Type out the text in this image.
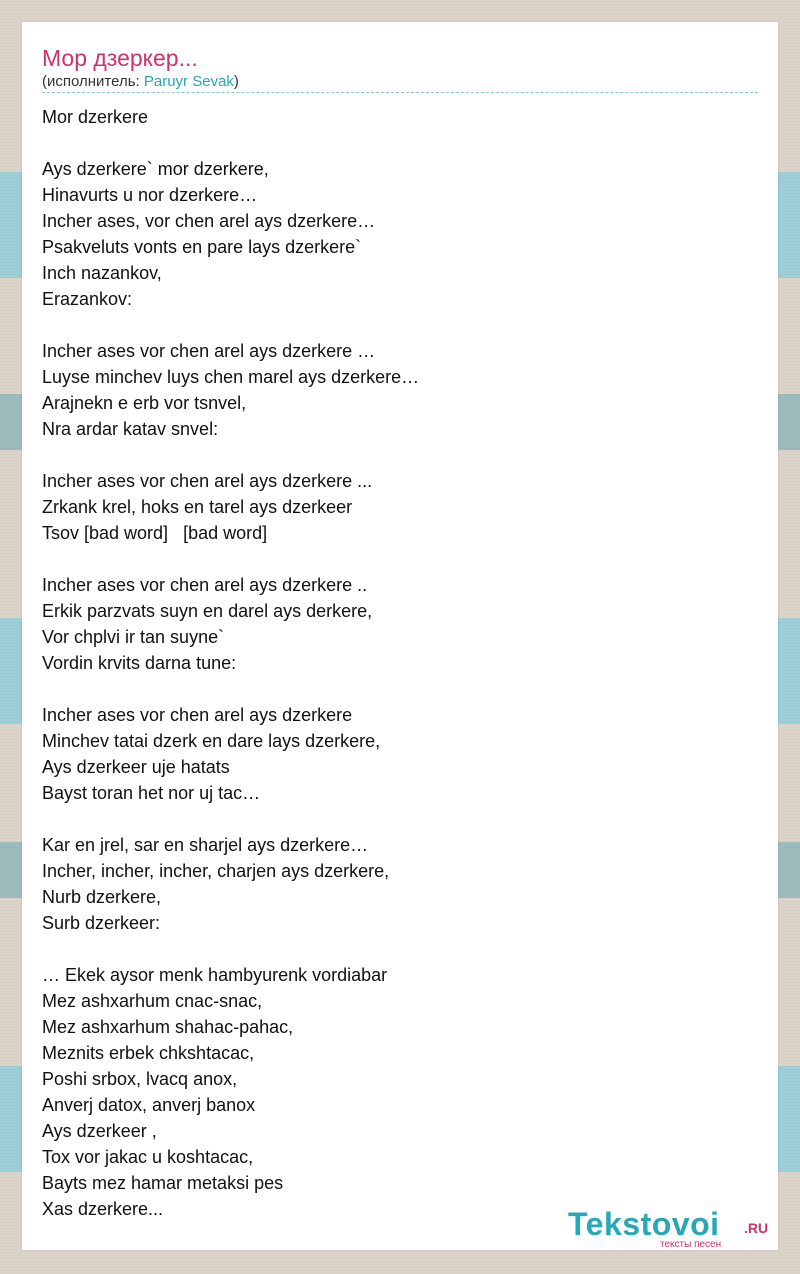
Мор дзеркер...
(исполнитель: Paruyr Sevak)
Mor dzerkere
Ays dzerkere` mor dzerkere,
Hinavurts u nor dzerkere…
Incher ases, vor chen arel ays dzerkere…
Psakveluts vonts en pare lays dzerkere`
Inch nazankov,
Erazankov:
Incher ases vor chen arel ays dzerkere …
Luyse minchev luys chen marel ays dzerkere…
Arajnekn e erb vor tsnvel,
Nra ardar katav snvel:
Incher ases vor chen arel ays dzerkere ...
Zrkank krel, hoks en tarel ays dzerkeer
Tsov [bad word]   [bad word]
Incher ases vor chen arel ays dzerkere ..
Erkik parzvats suyn en darel ays derkere,
Vor chplvi ir tan suyne`
Vordin krvits darna tune:
Incher ases vor chen arel ays dzerkere
Minchev tatai dzerk en dare lays dzerkere,
Ays dzerkeer uje hatats
Bayst toran het nor uj tac…
Kar en jrel, sar en sharjel ays dzerkere…
Incher, incher, incher, charjen ays dzerkere,
Nurb dzerkere,
Surb dzerkeer:
… Ekek aysor menk hambyurenk vordiabar
Mez ashxarhum cnac-snac,
Mez ashxarhum shahac-pahac,
Meznits erbek chkshtacac,
Poshi srbox, lvacq anox,
Anverj datox, anverj banox
Ays dzerkeer ,
Tox vor jakac u koshtacac,
Bayts mez hamar metaksi pes
Xas dzerkere...	Tekstovoi .RU
тексты песен
